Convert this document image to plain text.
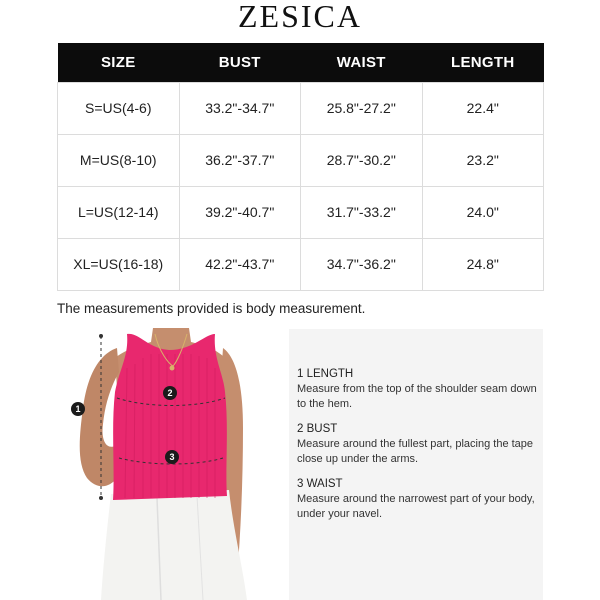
ZESICA
SIZE	BUST	WAIST	LENGTH
S=US(4-6)	33.2"-34.7"	25.8"-27.2"	22.4"
M=US(8-10)	36.2"-37.7"	28.7"-30.2"	23.2"
L=US(12-14)	39.2"-40.7"	31.7"-33.2"	24.0"
XL=US(16-18)	42.2"-43.7"	34.7"-36.2"	24.8"
The measurements provided is body measurement.
1
2
3
1 LENGTH
Measure from the top of the shoulder seam down to the hem.
2 BUST
Measure around the fullest part, placing the tape close up under the arms.
3 WAIST
Measure around the narrowest part of your body, under your navel.
